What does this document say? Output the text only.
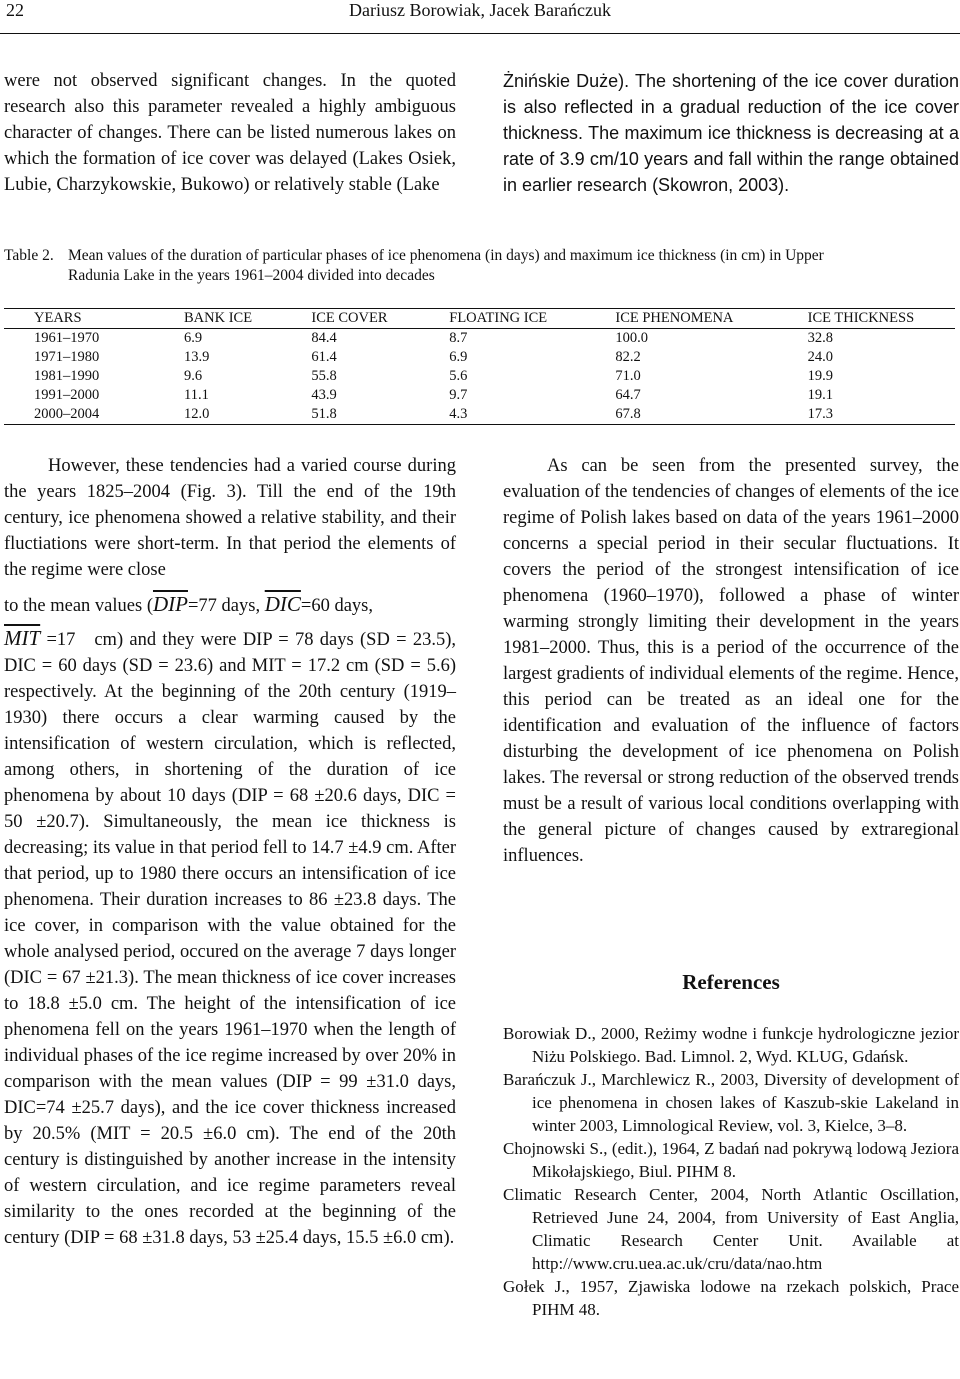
22	Dariusz Borowiak, Jacek Barańczuk

were not observed significant changes. In the quoted research also this parameter revealed a highly ambiguous character of changes. There can be listed numerous lakes on which the formation of ice cover was delayed (Lakes Osiek, Lubie, Charzykowskie, Bukowo) or relatively stable (Lake

Żnińskie Duże). The shortening of the ice cover duration is also reflected in a gradual reduction of the ice cover thickness. The maximum ice thickness is decreasing at a rate of 3.9 cm/10 years and fall within the range obtained in earlier research (Skowron, 2003).

Table 2. Mean values of the duration of particular phases of ice phenomena (in days) and maximum ice thickness (in cm) in Upper
Radunia Lake in the years 1961–2004 divided into decades
YEARS	BANK ICE	ICE COVER	FLOATING ICE	ICE PHENOMENA	ICE THICKNESS
1961–1970	6.9	84.4	8.7	100.0	32.8
1971–1980	13.9	61.4	6.9	82.2	24.0
1981–1990	9.6	55.8	5.6	71.0	19.9
1991–2000	11.1	43.9	9.7	64.7	19.1
2000–2004	12.0	51.8	4.3	67.8	17.3

However, these tendencies had a varied course during the years 1825–2004 (Fig. 3). Till the end of the 19th century, ice phenomena showed a relative stability, and their fluctiations were short-term. In that period the elements of the regime were close

to the mean values ($\overline{DIP}=77$ days, $\overline{DIC}=60$ days,

$\overline{MIT} =17$ cm) and they were DIP = 78 days (SD = 23.5), DIC = 60 days (SD = 23.6) and MIT = 17.2 cm (SD = 5.6) respectively. At the beginning of the 20th century (1919–1930) there occurs a clear warming caused by the intensification of western circulation, which is reflected, among others, in shortening of the duration of ice phenomena by about 10 days (DIP = 68 ±20.6 days, DIC = 50 ±20.7). Simultaneously, the mean ice thickness is decreasing; its value in that period fell to 14.7 ±4.9 cm. After that period, up to 1980 there occurs an intensification of ice phenomena. Their duration increases to 86 ±23.8 days. The ice cover, in comparison with the value obtained for the whole analysed period, occured on the average 7 days longer (DIC = 67 ±21.3). The mean thickness of ice cover increases to 18.8 ±5.0 cm. The height of the intensification of ice phenomena fell on the years 1961–1970 when the length of individual phases of the ice regime increased by over 20% in comparison with the mean values (DIP = 99 ±31.0 days, DIC=74 ±25.7 days), and the ice cover thickness increased by 20.5% (MIT = 20.5 ±6.0 cm). The end of the 20th century is distinguished by another increase in the intensity of western circulation, and ice regime parameters reveal similarity to the ones recorded at the beginning of the century (DIP = 68 ±31.8 days, 53 ±25.4 days, 15.5 ±6.0 cm).

As can be seen from the presented survey, the evaluation of the tendencies of changes of elements of the ice regime of Polish lakes based on data of the years 1961–2000 concerns a special period in their secular fluctuations. It covers the period of the strongest intensification of ice phenomena (1960–1970), followed a phase of winter warming strongly limiting their development in the years 1981–2000. Thus, this is a period of the occurrence of the largest gradients of individual elements of the regime. Hence, this period can be treated as an ideal one for the identification and evaluation of the influence of factors disturbing the development of ice phenomena on Polish lakes. The reversal or strong reduction of the observed trends must be a result of various local conditions overlapping with the general picture of changes caused by extraregional influences.

References

Borowiak D., 2000, Reżimy wodne i funkcje hydrologiczne jezior Niżu Polskiego. Bad. Limnol. 2, Wyd. KLUG, Gdańsk.

Barańczuk J., Marchlewicz R., 2003, Diversity of development of ice phenomena in chosen lakes of Kaszub-skie Lakeland in winter 2003, Limnological Review, vol. 3, Kielce, 3–8.

Chojnowski S., (edit.), 1964, Z badań nad pokrywą lodową Jeziora Mikołajskiego, Biul. PIHM 8.

Climatic Research Center, 2004, North Atlantic Oscillation, Retrieved June 24, 2004, from University of East Anglia, Climatic Research Center Unit. Available at http://www.cru.uea.ac.uk/cru/data/nao.htm

Gołek J., 1957, Zjawiska lodowe na rzekach polskich, Prace PIHM 48.
